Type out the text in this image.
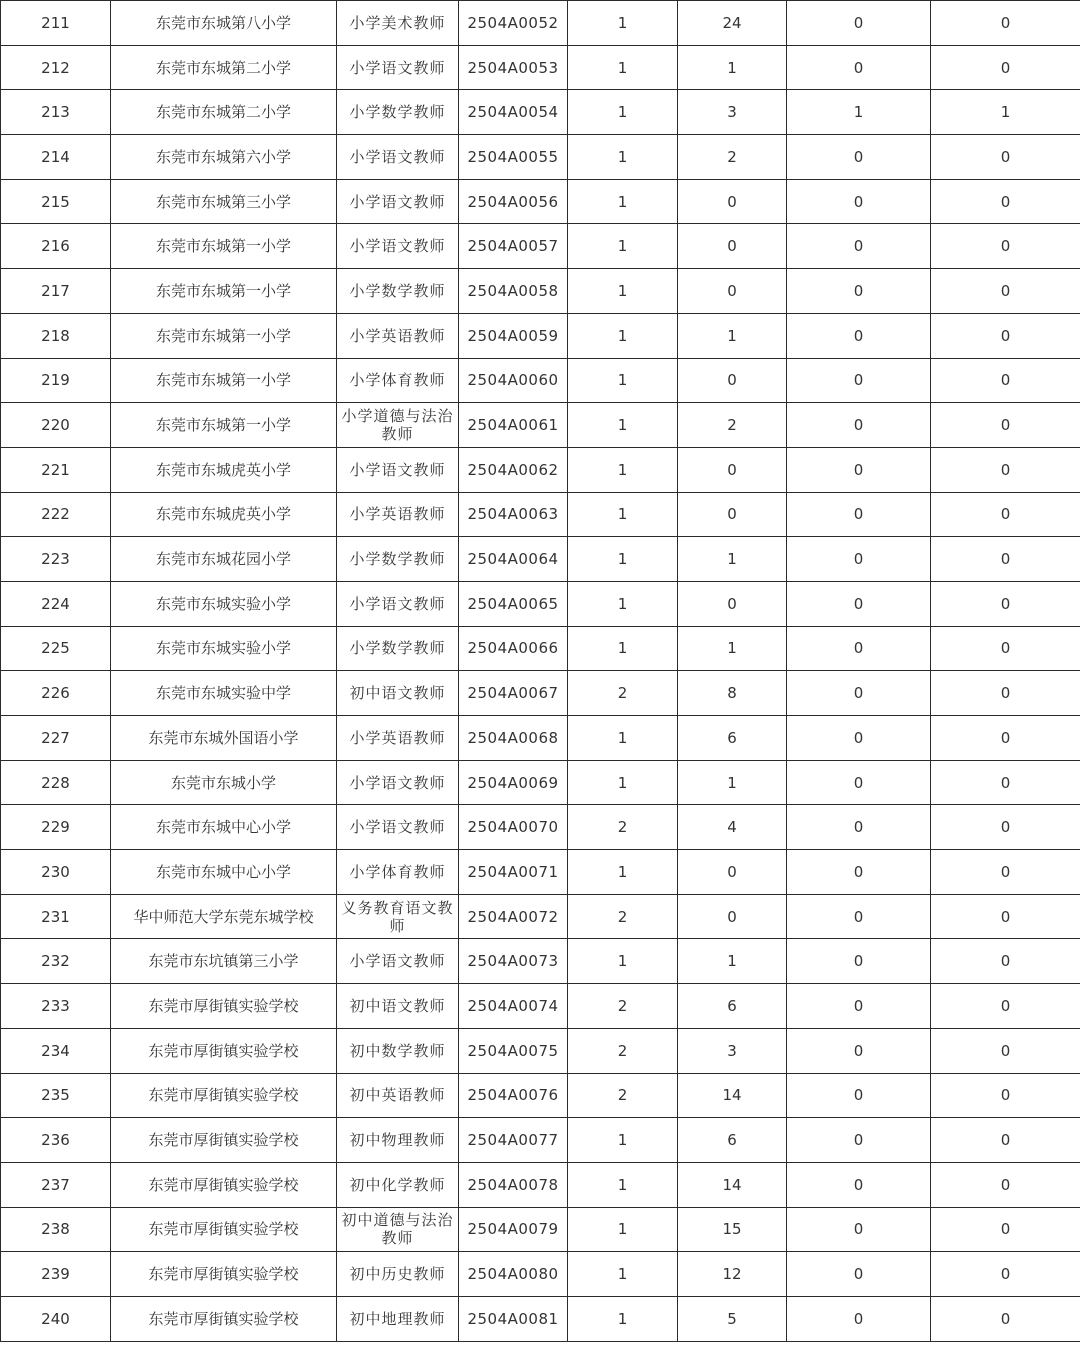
211	东莞市东城第八小学	小学美术教师	2504A0052	1	24	0	0
212	东莞市东城第二小学	小学语文教师	2504A0053	1	1	0	0
213	东莞市东城第二小学	小学数学教师	2504A0054	1	3	1	1
214	东莞市东城第六小学	小学语文教师	2504A0055	1	2	0	0
215	东莞市东城第三小学	小学语文教师	2504A0056	1	0	0	0
216	东莞市东城第一小学	小学语文教师	2504A0057	1	0	0	0
217	东莞市东城第一小学	小学数学教师	2504A0058	1	0	0	0
218	东莞市东城第一小学	小学英语教师	2504A0059	1	1	0	0
219	东莞市东城第一小学	小学体育教师	2504A0060	1	0	0	0
220	东莞市东城第一小学	小学道德与法治教师	2504A0061	1	2	0	0
221	东莞市东城虎英小学	小学语文教师	2504A0062	1	0	0	0
222	东莞市东城虎英小学	小学英语教师	2504A0063	1	0	0	0
223	东莞市东城花园小学	小学数学教师	2504A0064	1	1	0	0
224	东莞市东城实验小学	小学语文教师	2504A0065	1	0	0	0
225	东莞市东城实验小学	小学数学教师	2504A0066	1	1	0	0
226	东莞市东城实验中学	初中语文教师	2504A0067	2	8	0	0
227	东莞市东城外国语小学	小学英语教师	2504A0068	1	6	0	0
228	东莞市东城小学	小学语文教师	2504A0069	1	1	0	0
229	东莞市东城中心小学	小学语文教师	2504A0070	2	4	0	0
230	东莞市东城中心小学	小学体育教师	2504A0071	1	0	0	0
231	华中师范大学东莞东城学校	义务教育语文教师	2504A0072	2	0	0	0
232	东莞市东坑镇第三小学	小学语文教师	2504A0073	1	1	0	0
233	东莞市厚街镇实验学校	初中语文教师	2504A0074	2	6	0	0
234	东莞市厚街镇实验学校	初中数学教师	2504A0075	2	3	0	0
235	东莞市厚街镇实验学校	初中英语教师	2504A0076	2	14	0	0
236	东莞市厚街镇实验学校	初中物理教师	2504A0077	1	6	0	0
237	东莞市厚街镇实验学校	初中化学教师	2504A0078	1	14	0	0
238	东莞市厚街镇实验学校	初中道德与法治教师	2504A0079	1	15	0	0
239	东莞市厚街镇实验学校	初中历史教师	2504A0080	1	12	0	0
240	东莞市厚街镇实验学校	初中地理教师	2504A0081	1	5	0	0
